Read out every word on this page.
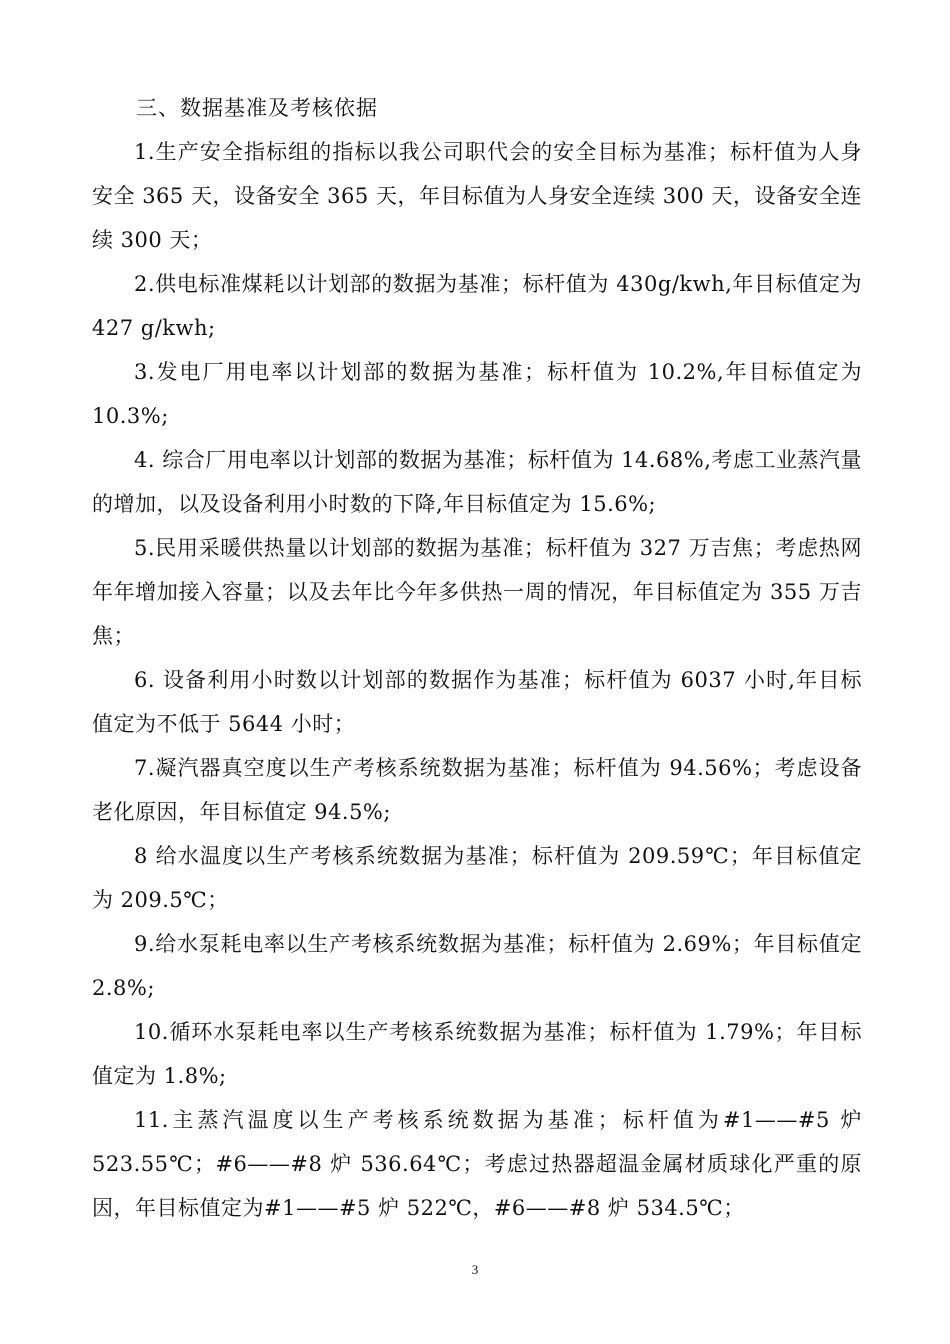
三、数据基准及考核依据

1.生产安全指标组的指标以我公司职代会的安全目标为基准；标杆值为人身安全 365 天，设备安全 365 天，年目标值为人身安全连续 300 天，设备安全连续 300 天；

2.供电标准煤耗以计划部的数据为基准；标杆值为 430g/kwh,年目标值定为 427 g/kwh;

3.发电厂用电率以计划部的数据为基准；标杆值为 10.2%,年目标值定为 10.3%;

4. 综合厂用电率以计划部的数据为基准；标杆值为 14.68%,考虑工业蒸汽量的增加，以及设备利用小时数的下降,年目标值定为 15.6%;

5.民用采暖供热量以计划部的数据为基准；标杆值为 327 万吉焦；考虑热网年年增加接入容量；以及去年比今年多供热一周的情况，年目标值定为 355 万吉焦；

6. 设备利用小时数以计划部的数据作为基准；标杆值为 6037 小时,年目标值定为不低于 5644 小时；

7.凝汽器真空度以生产考核系统数据为基准；标杆值为 94.56%；考虑设备老化原因，年目标值定 94.5%;

8 给水温度以生产考核系统数据为基准；标杆值为 209.59℃；年目标值定为 209.5℃；

9.给水泵耗电率以生产考核系统数据为基准；标杆值为 2.69%；年目标值定 2.8%;

10.循环水泵耗电率以生产考核系统数据为基准；标杆值为 1.79%；年目标值定为 1.8%;

11.主蒸汽温度以生产考核系统数据为基准；标杆值为#1——#5 炉 523.55℃；#6——#8 炉 536.64℃；考虑过热器超温金属材质球化严重的原因，年目标值定为#1——#5 炉 522℃，#6——#8 炉 534.5℃；

3
